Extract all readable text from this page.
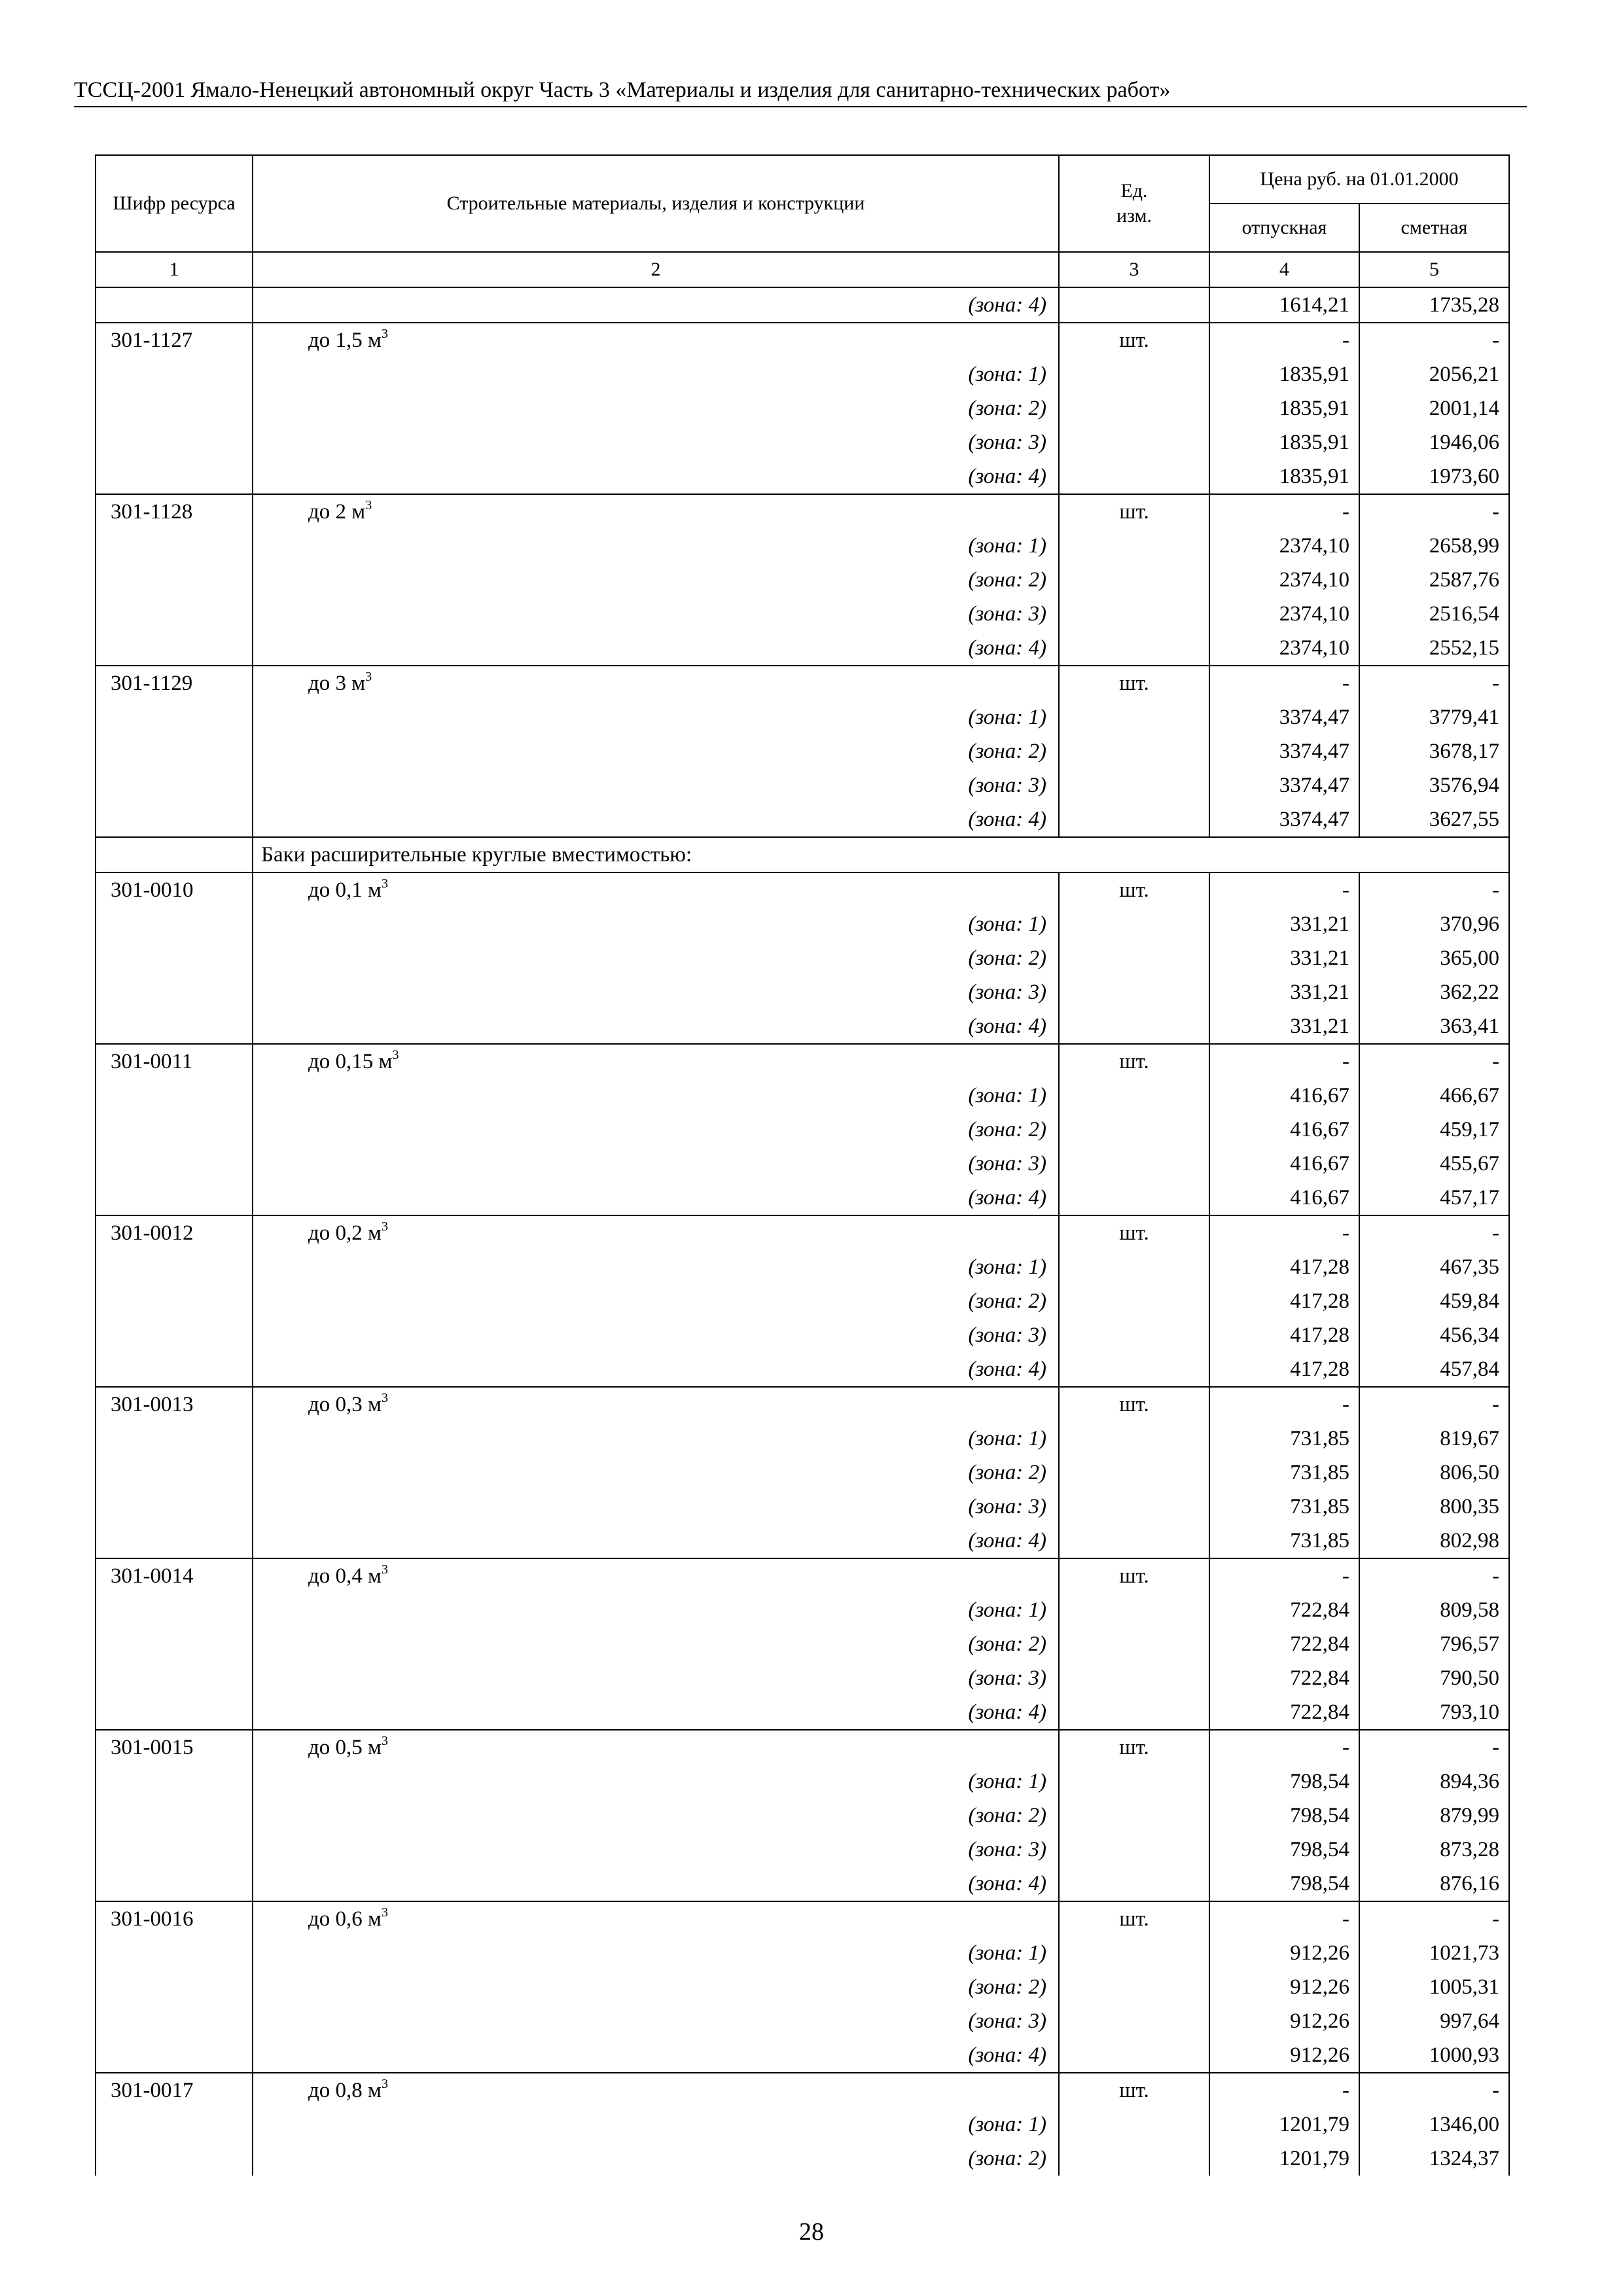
ТССЦ-2001 Ямало-Ненецкий автономный округ Часть 3 «Материалы и изделия для санитарно-технических работ»
Шифр ресурса	Строительные материалы, изделия и конструкции	Ед. изм.	Цена руб. на 01.01.2000	
			отпускная	сметная
1	2	3	4	5
	(зона: 4)		1614,21	1735,28
301-1127	до 1,5 $м^3$	шт.	-	-
	(зона: 1)		1835,91	2056,21
	(зона: 2)		1835,91	2001,14
	(зона: 3)		1835,91	1946,06
	(зона: 4)		1835,91	1973,60
301-1128	до 2 $м^3$	шт.	-	-
	(зона: 1)		2374,10	2658,99
	(зона: 2)		2374,10	2587,76
	(зона: 3)		2374,10	2516,54
	(зона: 4)		2374,10	2552,15
301-1129	до 3 $м^3$	шт.	-	-
	(зона: 1)		3374,47	3779,41
	(зона: 2)		3374,47	3678,17
	(зона: 3)		3374,47	3576,94
	(зона: 4)		3374,47	3627,55
	Баки расширительные круглые вместимостью:			
301-0010	до 0,1 $м^3$	шт.	-	-
	(зона: 1)		331,21	370,96
	(зона: 2)		331,21	365,00
	(зона: 3)		331,21	362,22
	(зона: 4)		331,21	363,41
301-0011	до 0,15 $м^3$	шт.	-	-
	(зона: 1)		416,67	466,67
	(зона: 2)		416,67	459,17
	(зона: 3)		416,67	455,67
	(зона: 4)		416,67	457,17
301-0012	до 0,2 $м^3$	шт.	-	-
	(зона: 1)		417,28	467,35
	(зона: 2)		417,28	459,84
	(зона: 3)		417,28	456,34
	(зона: 4)		417,28	457,84
301-0013	до 0,3 $м^3$	шт.	-	-
	(зона: 1)		731,85	819,67
	(зона: 2)		731,85	806,50
	(зона: 3)		731,85	800,35
	(зона: 4)		731,85	802,98
301-0014	до 0,4 $м^3$	шт.	-	-
	(зона: 1)		722,84	809,58
	(зона: 2)		722,84	796,57
	(зона: 3)		722,84	790,50
	(зона: 4)		722,84	793,10
301-0015	до 0,5 $м^3$	шт.	-	-
	(зона: 1)		798,54	894,36
	(зона: 2)		798,54	879,99
	(зона: 3)		798,54	873,28
	(зона: 4)		798,54	876,16
301-0016	до 0,6 $м^3$	шт.	-	-
	(зона: 1)		912,26	1021,73
	(зона: 2)		912,26	1005,31
	(зона: 3)		912,26	997,64
	(зона: 4)		912,26	1000,93
301-0017	до 0,8 $м^3$	шт.	-	-
	(зона: 1)		1201,79	1346,00
	(зона: 2)		1201,79	1324,37
28
